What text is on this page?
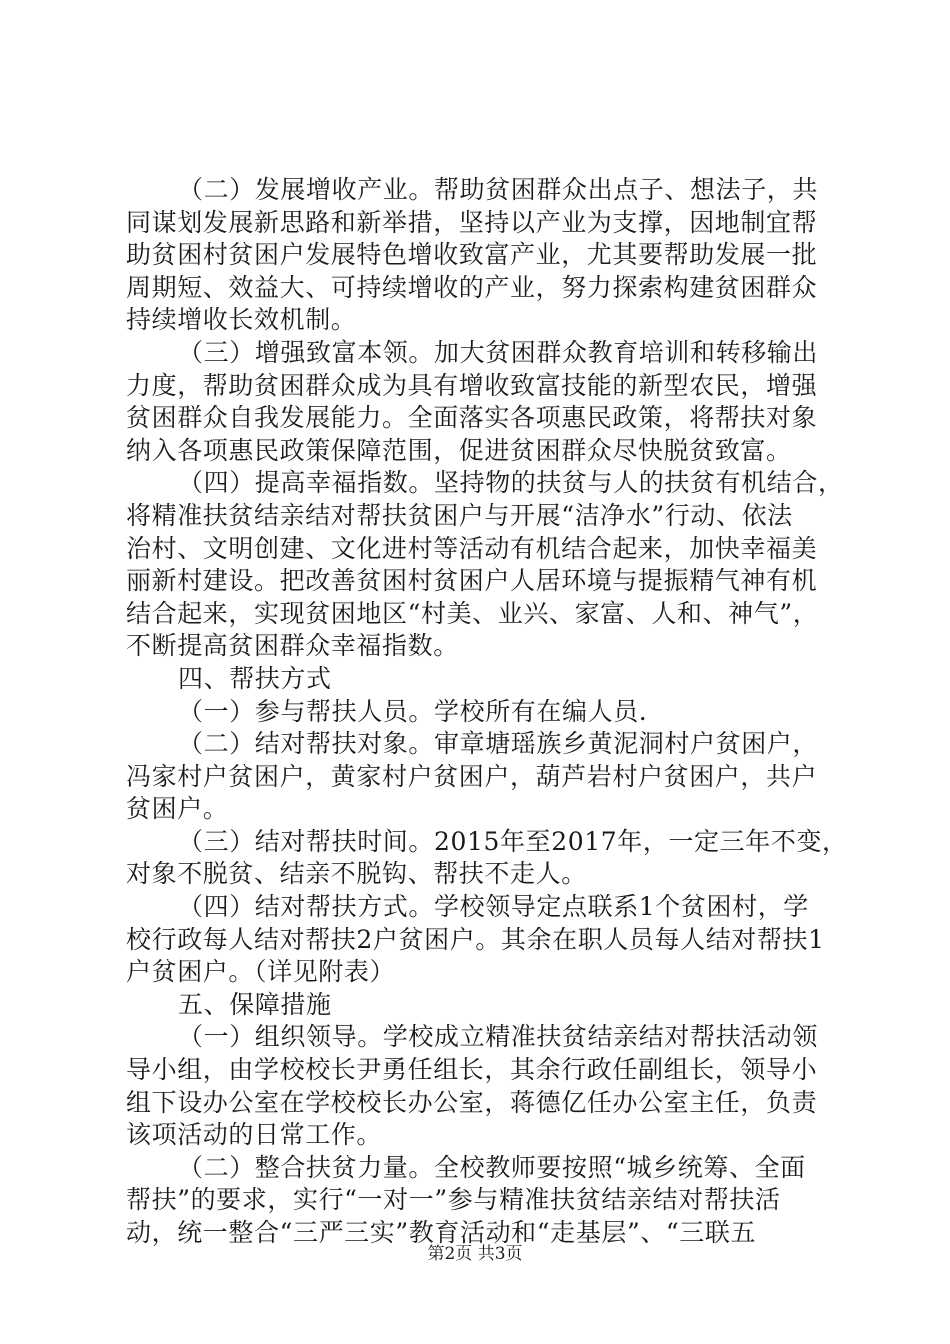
（二）发展增收产业。帮助贫困群众出点子、想法子，共
同谋划发展新思路和新举措，坚持以产业为支撑，因地制宜帮
助贫困村贫困户发展特色增收致富产业，尤其要帮助发展一批
周期短、效益大、可持续增收的产业，努力探索构建贫困群众
持续增收长效机制。
（三）增强致富本领。加大贫困群众教育培训和转移输出
力度，帮助贫困群众成为具有增收致富技能的新型农民，增强
贫困群众自我发展能力。全面落实各项惠民政策，将帮扶对象
纳入各项惠民政策保障范围，促进贫困群众尽快脱贫致富。
（四）提高幸福指数。坚持物的扶贫与人的扶贫有机结合，
将精准扶贫结亲结对帮扶贫困户与开展“洁净水”行动、依法
治村、文明创建、文化进村等活动有机结合起来，加快幸福美
丽新村建设。把改善贫困村贫困户人居环境与提振精气神有机
结合起来，实现贫困地区“村美、业兴、家富、人和、神气”，
不断提高贫困群众幸福指数。
四、帮扶方式
（一）参与帮扶人员。学校所有在编人员.
（二）结对帮扶对象。审章塘瑶族乡黄泥洞村户贫困户，
冯家村户贫困户，黄家村户贫困户，葫芦岩村户贫困户，共户
贫困户。
（三）结对帮扶时间。2015年至2017年，一定三年不变，
对象不脱贫、结亲不脱钩、帮扶不走人。
（四）结对帮扶方式。学校领导定点联系1个贫困村，学
校行政每人结对帮扶2户贫困户。其余在职人员每人结对帮扶1
户贫困户。（详见附表）
五、保障措施
（一）组织领导。学校成立精准扶贫结亲结对帮扶活动领
导小组，由学校校长尹勇任组长，其余行政任副组长，领导小
组下设办公室在学校校长办公室，蒋德亿任办公室主任，负责
该项活动的日常工作。
（二）整合扶贫力量。全校教师要按照“城乡统筹、全面
帮扶”的要求，实行“一对一”参与精准扶贫结亲结对帮扶活
动，统一整合“三严三实”教育活动和“走基层”、“三联五
第2页 共3页
